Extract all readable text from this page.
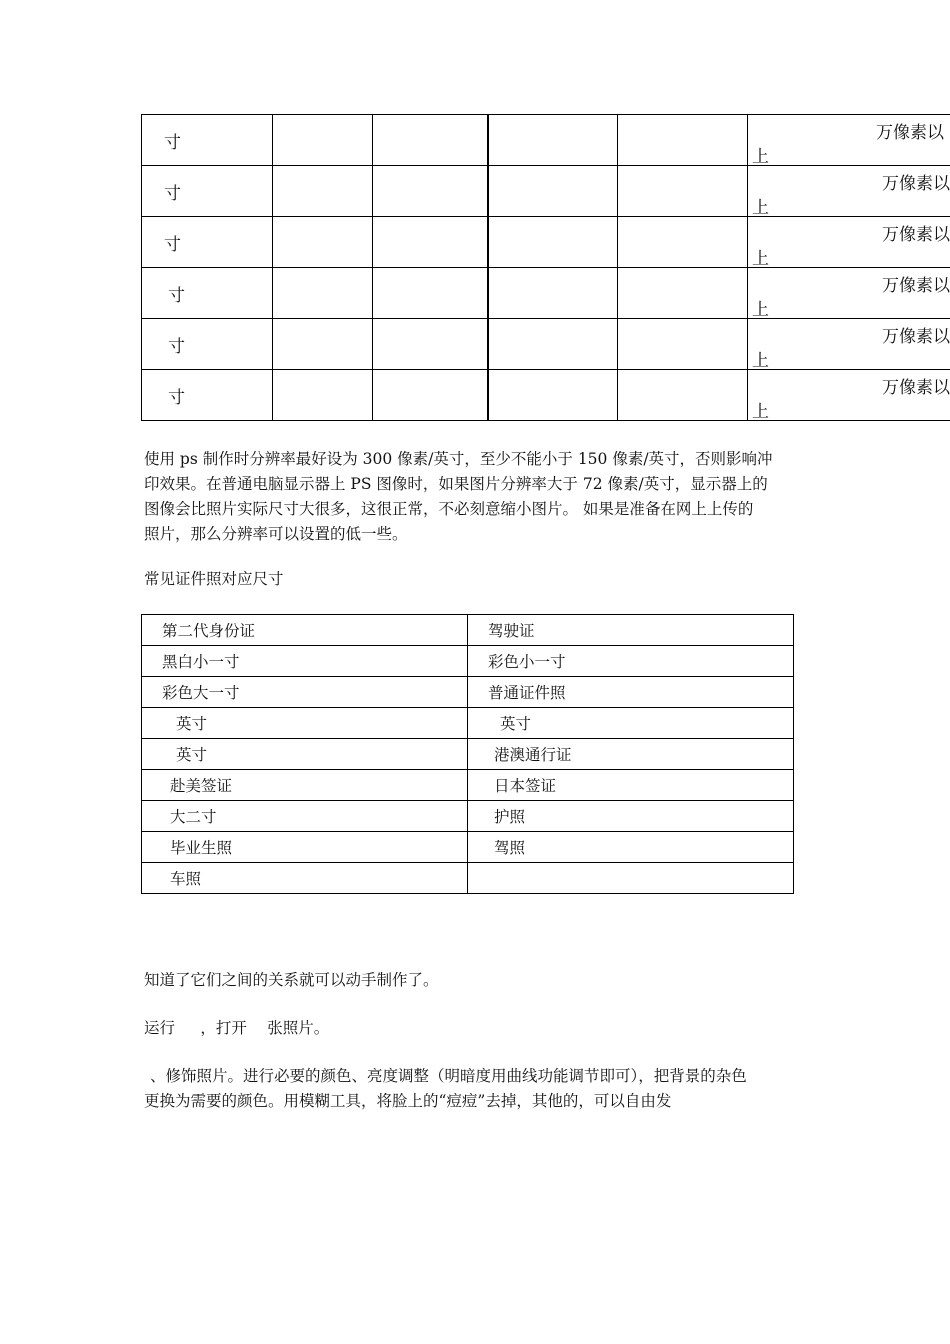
寸					万像素以
上

寸					万像素以
上

寸					万像素以
上

寸					万像素以
上

寸					万像素以
上

寸					万像素以
上

使用 ps 制作时分辨率最好设为 300 像素/英寸，至少不能小于 150 像素/英寸，否则影响冲
印效果。在普通电脑显示器上 PS 图像时，如果图片分辨率大于 72 像素/英寸，显示器上的
图像会比照片实际尺寸大很多，这很正常，不必刻意缩小图片。 如果是准备在网上上传的
照片，那么分辨率可以设置的低一些。

常见证件照对应尺寸

第二代身份证	驾驶证
黑白小一寸	彩色小一寸
彩色大一寸	普通证件照
英寸	英寸
英寸	港澳通行证
赴美签证	日本签证
大二寸	护照
毕业生照	驾照
车照	

知道了它们之间的关系就可以动手制作了。

运行 　 ，打开 　张照片。

、修饰照片。进行必要的颜色、亮度调整（明暗度用曲线功能调节即可），把背景的杂色
更换为需要的颜色。用模糊工具，将脸上的“痘痘”去掉，其他的，可以自由发
